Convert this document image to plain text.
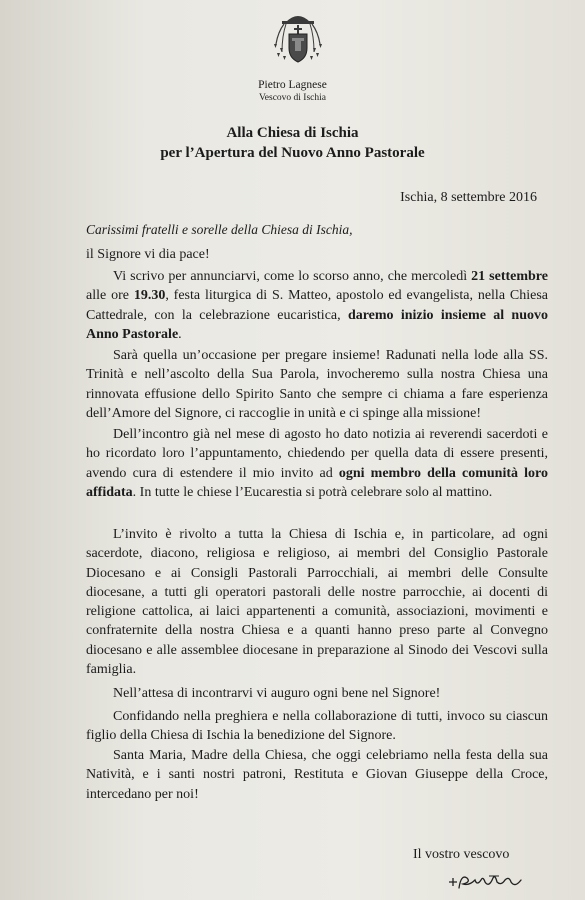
Pietro Lagnese
Vescovo di Ischia
Alla Chiesa di Ischia
per l’Apertura del Nuovo Anno Pastorale
Ischia, 8 settembre 2016
Carissimi fratelli e sorelle della Chiesa di Ischia,
il Signore vi dia pace!

Vi scrivo per annunciarvi, come lo scorso anno, che mercoledì 21 settembre alle ore 19.30, festa liturgica di S. Matteo, apostolo ed evangelista, nella Chiesa Cattedrale, con la celebrazione eucaristica, daremo inizio insieme al nuovo Anno Pastorale.

Sarà quella un’occasione per pregare insieme! Radunati nella lode alla SS. Trinità e nell’ascolto della Sua Parola, invocheremo sulla nostra Chiesa una rinnovata effusione dello Spirito Santo che sempre ci chiama a fare esperienza dell’Amore del Signore, ci raccoglie in unità e ci spinge alla missione!

Dell’incontro già nel mese di agosto ho dato notizia ai reverendi sacerdoti e ho ricordato loro l’appuntamento, chiedendo per quella data di essere presenti, avendo cura di estendere il mio invito ad ogni membro della comunità loro affidata. In tutte le chiese l’Eucarestia si potrà celebrare solo al mattino.

L’invito è rivolto a tutta la Chiesa di Ischia e, in particolare, ad ogni sacerdote, diacono, religiosa e religioso, ai membri del Consiglio Pastorale Diocesano e ai Consigli Pastorali Parrocchiali, ai membri delle Consulte diocesane, a tutti gli operatori pastorali delle nostre parrocchie, ai docenti di religione cattolica, ai laici appartenenti a comunità, associazioni, movimenti e confraternite della nostra Chiesa e a quanti hanno preso parte al Convegno diocesano e alle assemblee diocesane in preparazione al Sinodo dei Vescovi sulla famiglia.

Nell’attesa di incontrarvi vi auguro ogni bene nel Signore!

Confidando nella preghiera e nella collaborazione di tutti, invoco su ciascun figlio della Chiesa di Ischia la benedizione del Signore.

Santa Maria, Madre della Chiesa, che oggi celebriamo nella festa della sua Natività, e i santi nostri patroni, Restituta e Giovan Giuseppe della Croce, intercedano per noi!

Il vostro vescovo
